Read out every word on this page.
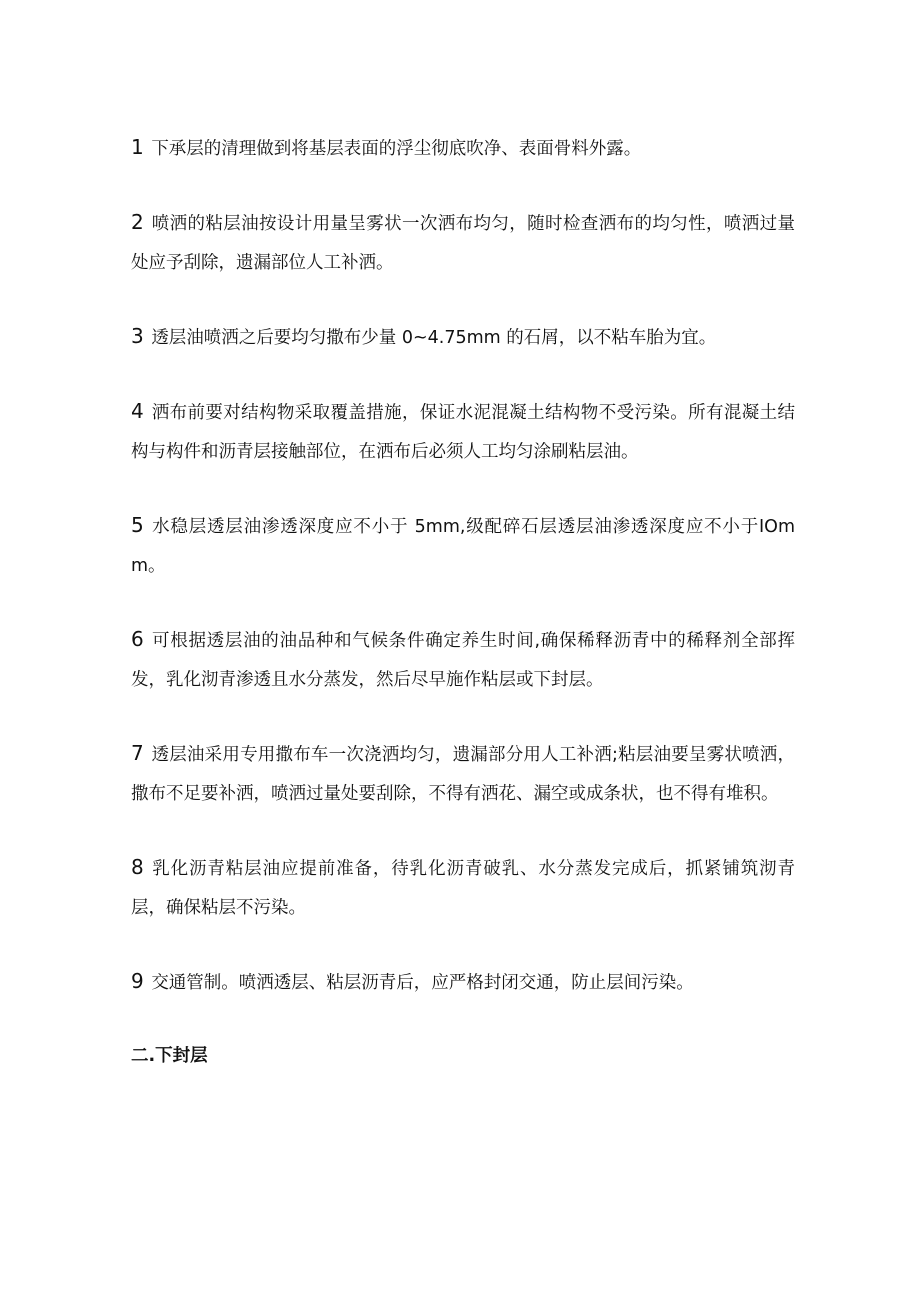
1 下承层的清理做到将基层表面的浮尘彻底吹净、表面骨料外露。

2 喷洒的粘层油按设计用量呈雾状一次洒布均匀，随时检查洒布的均匀性，喷洒过量处应予刮除，遗漏部位人工补洒。

3 透层油喷洒之后要均匀撒布少量 0~4.75mm 的石屑，以不粘车胎为宜。

4 洒布前要对结构物采取覆盖措施，保证水泥混凝土结构物不受污染。所有混凝土结构与构件和沥青层接触部位，在洒布后必须人工均匀涂刷粘层油。

5 水稳层透层油渗透深度应不小于 5mm,级配碎石层透层油渗透深度应不小于IOmm。

6 可根据透层油的油品种和气候条件确定养生时间,确保稀释沥青中的稀释剂全部挥发，乳化沏青渗透且水分蒸发，然后尽早施作粘层或下封层。

7 透层油采用专用撒布车一次浇洒均匀，遗漏部分用人工补洒;粘层油要呈雾状喷洒，撒布不足要补洒，喷洒过量处要刮除，不得有洒花、漏空或成条状，也不得有堆积。

8 乳化沥青粘层油应提前准备，待乳化沥青破乳、水分蒸发完成后，抓紧铺筑沏青层，确保粘层不污染。

9 交通管制。喷洒透层、粘层沥青后，应严格封闭交通，防止层间污染。

二.下封层
